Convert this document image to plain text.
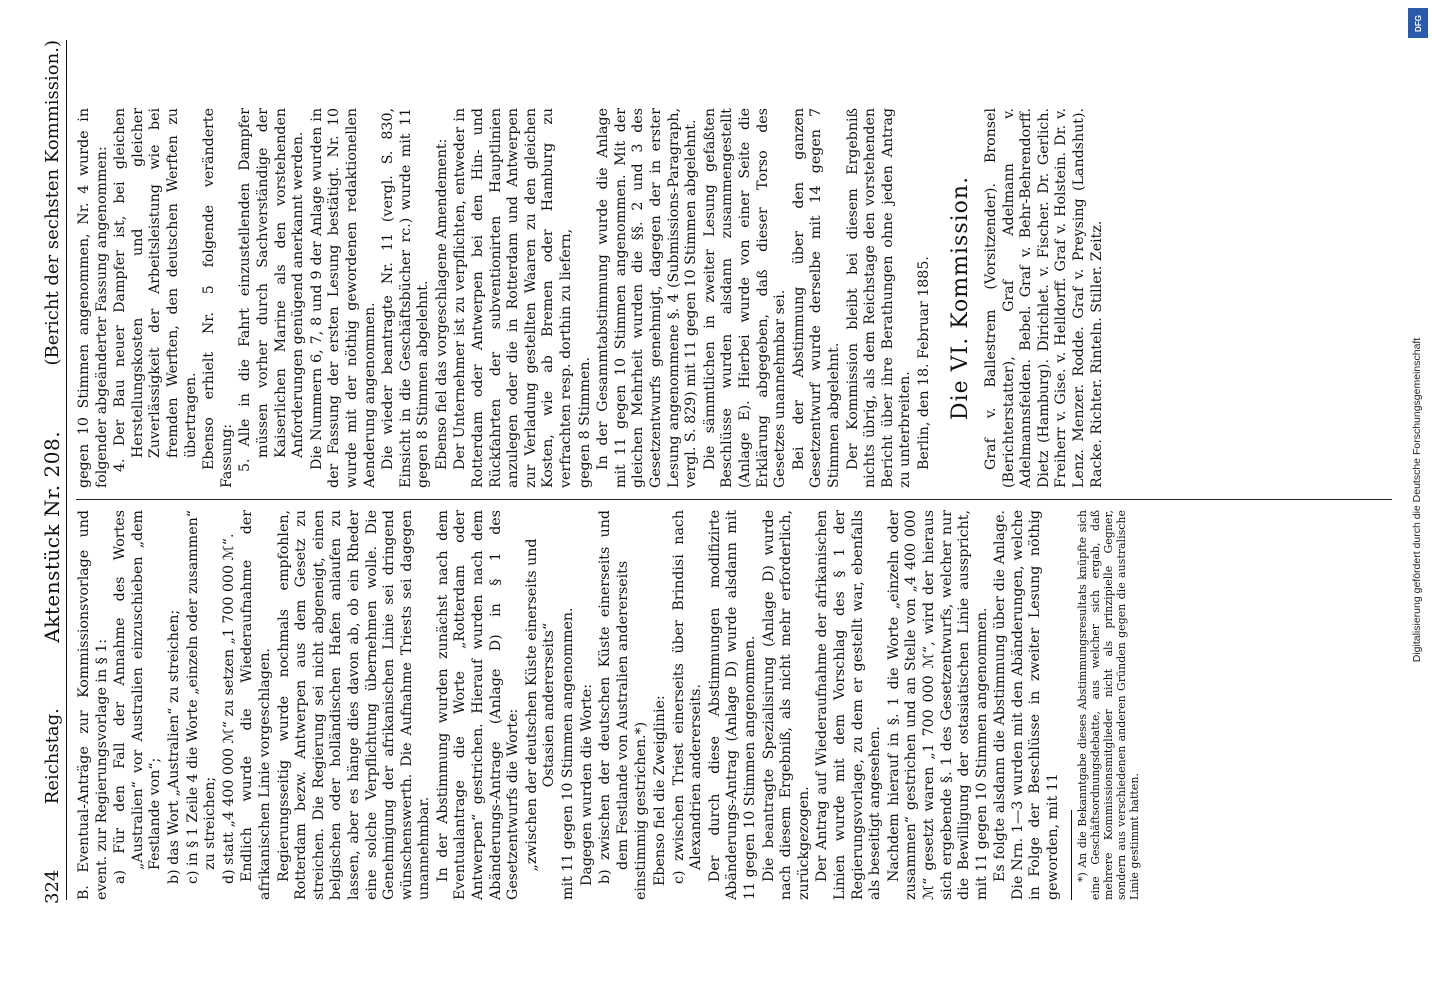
324
Reichstag.
Aktenstück Nr. 208.
(Bericht der sechsten Kommission.)

B. Eventual-Anträge zur Kommissionsvorlage und event. zur Regierungsvorlage in § 1: a) Für den Fall der Annahme des Wortes „Australien“ vor Australien einzuschieben „dem Festlande von“; b) das Wort „Australien“ zu streichen; c) in § 1 Zeile 4 die Worte „einzeln oder zusammen“ zu streichen; d) statt „4 400 000 ℳ“ zu setzen „1 700 000 ℳ“. Endlich wurde die Wiederaufnahme der afrikanischen Linie vorgeschlagen. Regierungsseitig wurde nochmals empfohlen, Rotterdam bezw. Antwerpen aus dem Gesetz zu streichen. Die Regierung sei nicht abgeneigt, einen belgischen oder holländischen Hafen anlaufen zu lassen, aber es hänge dies davon ab, ob ein Rheder eine solche Verpflichtung übernehmen wolle. Die Genehmigung der afrikanischen Linie sei dringend wünschenswerth. Die Aufnahme Triests sei dagegen unannehmbar. In der Abstimmung wurden zunächst nach dem Eventualantrage die Worte „Rotterdam oder Antwerpen“ gestrichen. Hierauf wurden nach dem Abänderungs-Antrage (Anlage D) in § 1 des Gesetzentwurfs die Worte: „zwischen der deutschen Küste einerseits und Ostasien andererseits“ mit 11 gegen 10 Stimmen angenommen. Dagegen wurden die Worte: b) zwischen der deutschen Küste einerseits und dem Festlande von Australien andererseits einstimmig gestrichen.*) Ebenso fiel die Zweiglinie: c) zwischen Triest einerseits über Brindisi nach Alexandrien andererseits. Der durch diese Abstimmungen modifizirte Abänderungs-Antrag (Anlage D) wurde alsdann mit 11 gegen 10 Stimmen angenommen. Die beantragte Spezialisirung (Anlage D) wurde nach diesem Ergebniß, als nicht mehr erforderlich, zurückgezogen. Der Antrag auf Wiederaufnahme der afrikanischen Linien wurde mit dem Vorschlag des § 1 der Regierungsvorlage, zu dem er gestellt war, ebenfalls als beseitigt angesehen. Nachdem hierauf in §. 1 die Worte „einzeln oder zusammen“ gestrichen und an Stelle von „4 400 000 ℳ“ gesetzt waren „1 700 000 ℳ“, wird der hieraus sich ergebende §. 1 des Gesetzentwurfs, welcher nur die Bewilligung der ostasiatischen Linie ausspricht, mit 11 gegen 10 Stimmen angenommen. Es folgte alsdann die Abstimmung über die Anlage. Die Nrn. 1—3 wurden mit den Abänderungen, welche in Folge der Beschlüsse in zweiter Lesung nöthig geworden, mit 11 *) An die Bekanntgabe dieses Abstimmungsresultats knüpfte sich eine Geschäftsordnungsdebatte, aus welcher sich ergab, daß mehrere Kommissionsmitglieder nicht als prinzipielle Gegner, sondern aus verschiedenen anderen Gründen gegen die australische Linie gestimmt hatten.

gegen 10 Stimmen angenommen, Nr. 4 wurde in folgender abgeänderter Fassung angenommen: 4. Der Bau neuer Dampfer ist, bei gleichen Herstellungskosten und gleicher Zuverlässigkeit der Arbeitsleistung wie bei fremden Werften, den deutschen Werften zu übertragen. Ebenso erhielt Nr. 5 folgende veränderte Fassung: 5. Alle in die Fahrt einzustellenden Dampfer müssen vorher durch Sachverständige der Kaiserlichen Marine als den vorstehenden Anforderungen genügend anerkannt werden. Die Nummern 6, 7, 8 und 9 der Anlage wurden in der Fassung der ersten Lesung bestätigt. Nr. 10 wurde mit der nöthig gewordenen redaktionellen Aenderung angenommen. Die wieder beantragte Nr. 11 (vergl. S. 830, Einsicht in die Geschäftsbücher rc.) wurde mit 11 gegen 8 Stimmen abgelehnt. Ebenso fiel das vorgeschlagene Amendement: Der Unternehmer ist zu verpflichten, entweder in Rotterdam oder Antwerpen bei den Hin- und Rückfahrten der subventionirten Hauptlinien anzulegen oder die in Rotterdam und Antwerpen zur Verladung gestellten Waaren zu den gleichen Kosten, wie ab Bremen oder Hamburg zu verfrachten resp. dorthin zu liefern, gegen 8 Stimmen. In der Gesammtabstimmung wurde die Anlage mit 11 gegen 10 Stimmen angenommen. Mit der gleichen Mehrheit wurden die §§. 2 und 3 des Gesetzentwurfs genehmigt, dagegen der in erster Lesung angenommene §. 4 (Submissions-Paragraph, vergl. S. 829) mit 11 gegen 10 Stimmen abgelehnt. Die sämmtlichen in zweiter Lesung gefaßten Beschlüsse wurden alsdann zusammengestellt (Anlage E). Hierbei wurde von einer Seite die Erklärung abgegeben, daß dieser Torso des Gesetzes unannehmbar sei. Bei der Abstimmung über den ganzen Gesetzentwurf wurde derselbe mit 14 gegen 7 Stimmen abgelehnt. Der Kommission bleibt bei diesem Ergebniß nichts übrig, als dem Reichstage den vorstehenden Bericht über ihre Berathungen ohne jeden Antrag zu unterbreiten. Berlin, den 18. Februar 1885. Die VI. Kommission. Graf v. Ballestrem (Vorsitzender). Bronsel (Berichterstatter), Graf Adelmann v. Adelmannsfelden. Bebel. Graf v. Behr-Behrendorff. Dietz (Hamburg). Dirichlet. v. Fischer. Dr. Gerlich. Freiherr v. Gise. v. Helldorff. Graf v. Holstein. Dr. v. Lenz. Menzer. Rodde. Graf v. Preysing (Landshut). Racke. Richter. Rinteln. Stiller. Zeitz.

DFG
Digitalisierung gefördert durch die Deutsche Forschungsgemeinschaft
